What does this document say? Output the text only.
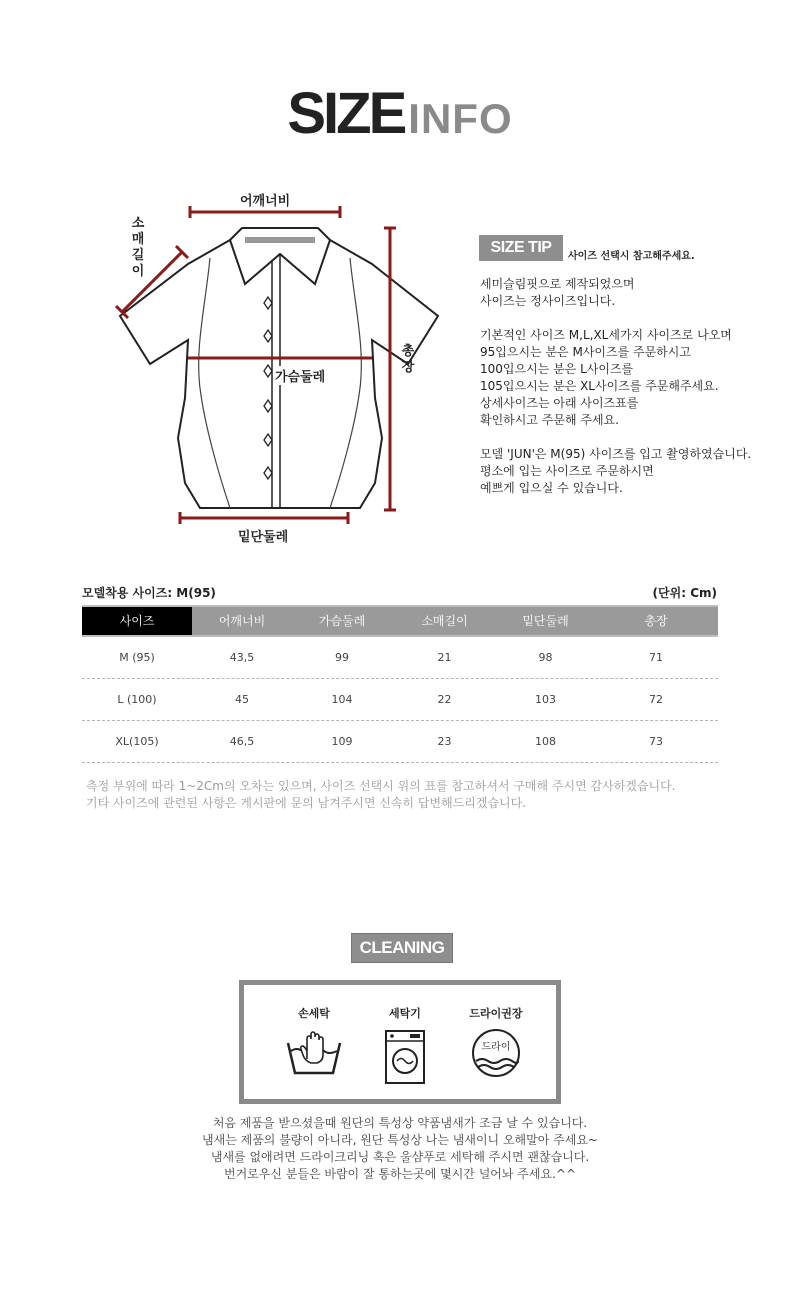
SIZEINFO
어깨너비
소매길이
가슴둘레
총장
밑단둘레
SIZE TIP
사이즈 선택시 참고해주세요.

세미슬림핏으로 제작되었으며

사이즈는 정사이즈입니다.

기본적인 사이즈 M,L,XL세가지 사이즈로 나오며

95입으시는 분은 M사이즈를 주문하시고

100입으시는 분은 L사이즈를

105입으시는 분은 XL사이즈를 주문해주세요.

상세사이즈는 아래 사이즈표를

확인하시고 주문해 주세요.

모델 'JUN'은 M(95) 사이즈를 입고 촬영하였습니다.

평소에 입는 사이즈로 주문하시면

예쁘게 입으실 수 있습니다.

모델착용 사이즈: M(95)	(단위: Cm)
사이즈	어깨너비	가슴둘레	소매길이	밑단둘레	총장
M (95)	43,5	99	21	98	71
L (100)	45	104	22	103	72
XL(105)	46,5	109	23	108	73

측정 부위에 따라 1~2Cm의 오차는 있으며, 사이즈 선택시 위의 표를 참고하셔서 구매해 주시면 감사하겠습니다.

기타 사이즈에 관련된 사항은 게시판에 문의 남겨주시면 신속히 답변해드리겠습니다.

CLEANING
손세탁	세탁기	드라이권장
드라이

처음 제품을 받으셨을때 원단의 특성상 약품냄새가 조금 날 수 있습니다.

냄새는 제품의 불량이 아니라, 원단 특성상 나는 냄새이니 오해말아 주세요~

냄새를 없애려면 드라이크리닝 혹은 울샴푸로 세탁해 주시면 괜찮습니다.

번거로우신 분들은 바람이 잘 통하는곳에 몇시간 널어놔 주세요.^^
